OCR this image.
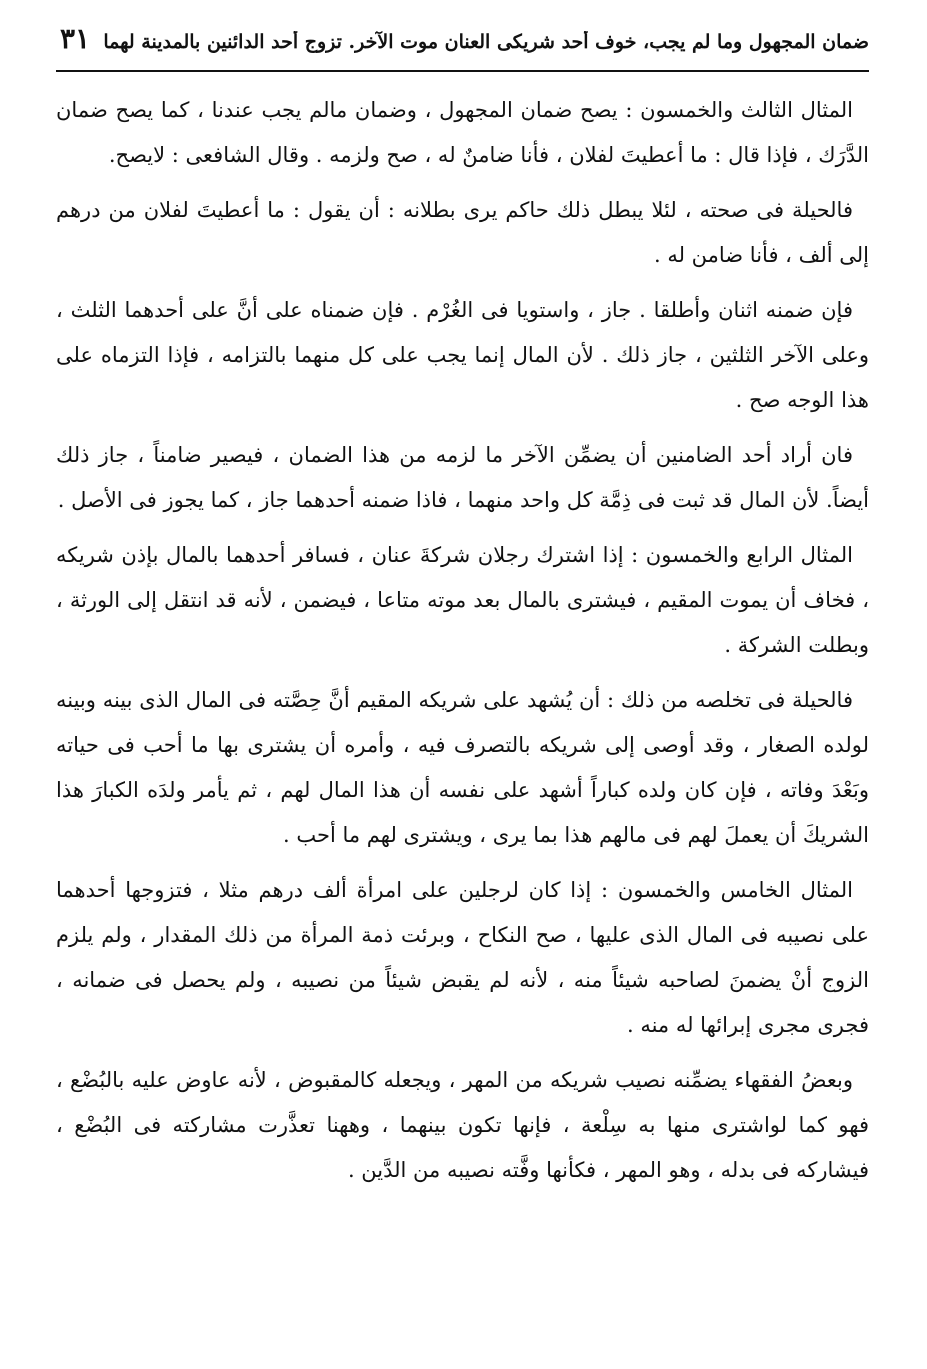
ضمان المجهول وما لم يجب، خوف أحد شريكى العنان موت الآخر. تزوج أحد الدائنين بالمدينة لهما
٣١

المثال الثالث والخمسون : يصح ضمان المجهول ، وضمان مالم يجب عندنا ، كما يصح ضمان الدَّرَك ، فإذا قال : ما أعطيتَ لفلان ، فأنا ضامنٌ له ، صح ولزمه . وقال الشافعى : لايصح.

فالحيلة فى صحته ، لئلا يبطل ذلك حاكم يرى بطلانه : أن يقول : ما أعطيتَ لفلان من درهم إلى ألف ، فأنا ضامن له .

فإن ضمنه اثنان وأطلقا . جاز ، واستويا فى الغُرْم . فإن ضمناه على أنَّ على أحدهما الثلث ، وعلى الآخر الثلثين ، جاز ذلك . لأن المال إنما يجب على كل منهما بالتزامه ، فإذا التزماه على هذا الوجه صح .

فان أراد أحد الضامنين أن يضمِّن الآخر ما لزمه من هذا الضمان ، فيصير ضامناً ، جاز ذلك أيضاً. لأن المال قد ثبت فى ذِمَّة كل واحد منهما ، فاذا ضمنه أحدهما جاز ، كما يجوز فى الأصل .

المثال الرابع والخمسون : إذا اشترك رجلان شركةَ عنان ، فسافر أحدهما بالمال بإذن شريكه ، فخاف أن يموت المقيم ، فيشترى بالمال بعد موته متاعا ، فيضمن ، لأنه قد انتقل إلى الورثة ، وبطلت الشركة .

فالحيلة فى تخلصه من ذلك : أن يُشهد على شريكه المقيم أنَّ حِصَّته فى المال الذى بينه وبينه لولده الصغار ، وقد أوصى إلى شريكه بالتصرف فيه ، وأمره أن يشترى بها ما أحب فى حياته وبَعْدَ وفاته ، فإن كان ولده كباراً أشهد على نفسه أن هذا المال لهم ، ثم يأمر ولدَه الكبارَ هذا الشريكَ أن يعملَ لهم فى مالهم هذا بما يرى ، ويشترى لهم ما أحب .

المثال الخامس والخمسون : إذا كان لرجلين على امرأة ألف درهم مثلا ، فتزوجها أحدهما على نصيبه فى المال الذى عليها ، صح النكاح ، وبرئت ذمة المرأة من ذلك المقدار ، ولم يلزم الزوج أنْ يضمنَ لصاحبه شيئاً منه ، لأنه لم يقبض شيئاً من نصيبه ، ولم يحصل فى ضمانه ، فجرى مجرى إبرائها له منه .

وبعضُ الفقهاء يضمِّنه نصيب شريكه من المهر ، ويجعله كالمقبوض ، لأنه عاوض عليه بالبُضْع ، فهو كما لواشترى منها به سِلْعة ، فإنها تكون بينهما ، وههنا تعذَّرت مشاركته فى البُضْع ، فيشاركه فى بدله ، وهو المهر ، فكأنها وفَّته نصيبه من الدَّين .
